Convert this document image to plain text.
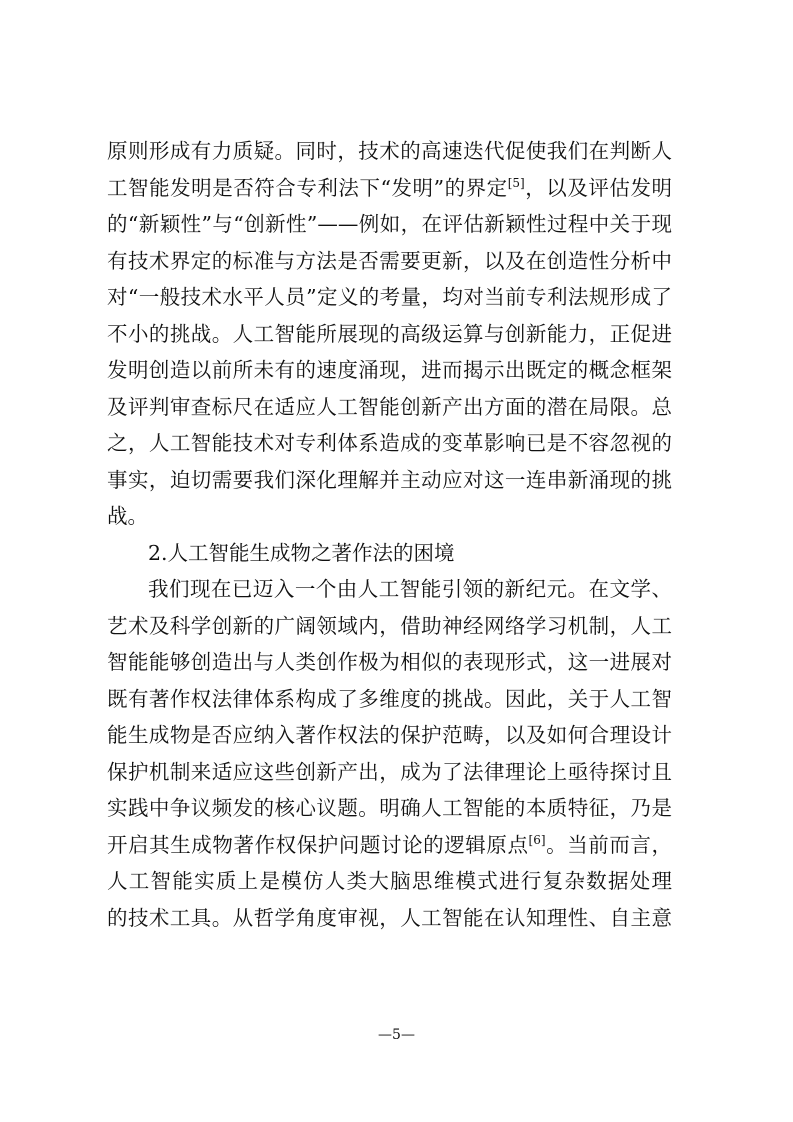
原则形成有力质疑。同时，技术的高速迭代促使我们在判断人
工智能发明是否符合专利法下“发明”的界定[5]，以及评估发明
的“新颖性”与“创新性”——例如，在评估新颖性过程中关于现
有技术界定的标准与方法是否需要更新，以及在创造性分析中
对“一般技术水平人员”定义的考量，均对当前专利法规形成了
不小的挑战。人工智能所展现的高级运算与创新能力，正促进
发明创造以前所未有的速度涌现，进而揭示出既定的概念框架
及评判审查标尺在适应人工智能创新产出方面的潜在局限。总
之，人工智能技术对专利体系造成的变革影响已是不容忽视的
事实，迫切需要我们深化理解并主动应对这一连串新涌现的挑
战。
2.人工智能生成物之著作法的困境
我们现在已迈入一个由人工智能引领的新纪元。在文学、
艺术及科学创新的广阔领域内，借助神经网络学习机制，人工
智能能够创造出与人类创作极为相似的表现形式，这一进展对
既有著作权法律体系构成了多维度的挑战。因此，关于人工智
能生成物是否应纳入著作权法的保护范畴，以及如何合理设计
保护机制来适应这些创新产出，成为了法律理论上亟待探讨且
实践中争议频发的核心议题。明确人工智能的本质特征，乃是
开启其生成物著作权保护问题讨论的逻辑原点[6]。当前而言，
人工智能实质上是模仿人类大脑思维模式进行复杂数据处理
的技术工具。从哲学角度审视，人工智能在认知理性、自主意
—5—
